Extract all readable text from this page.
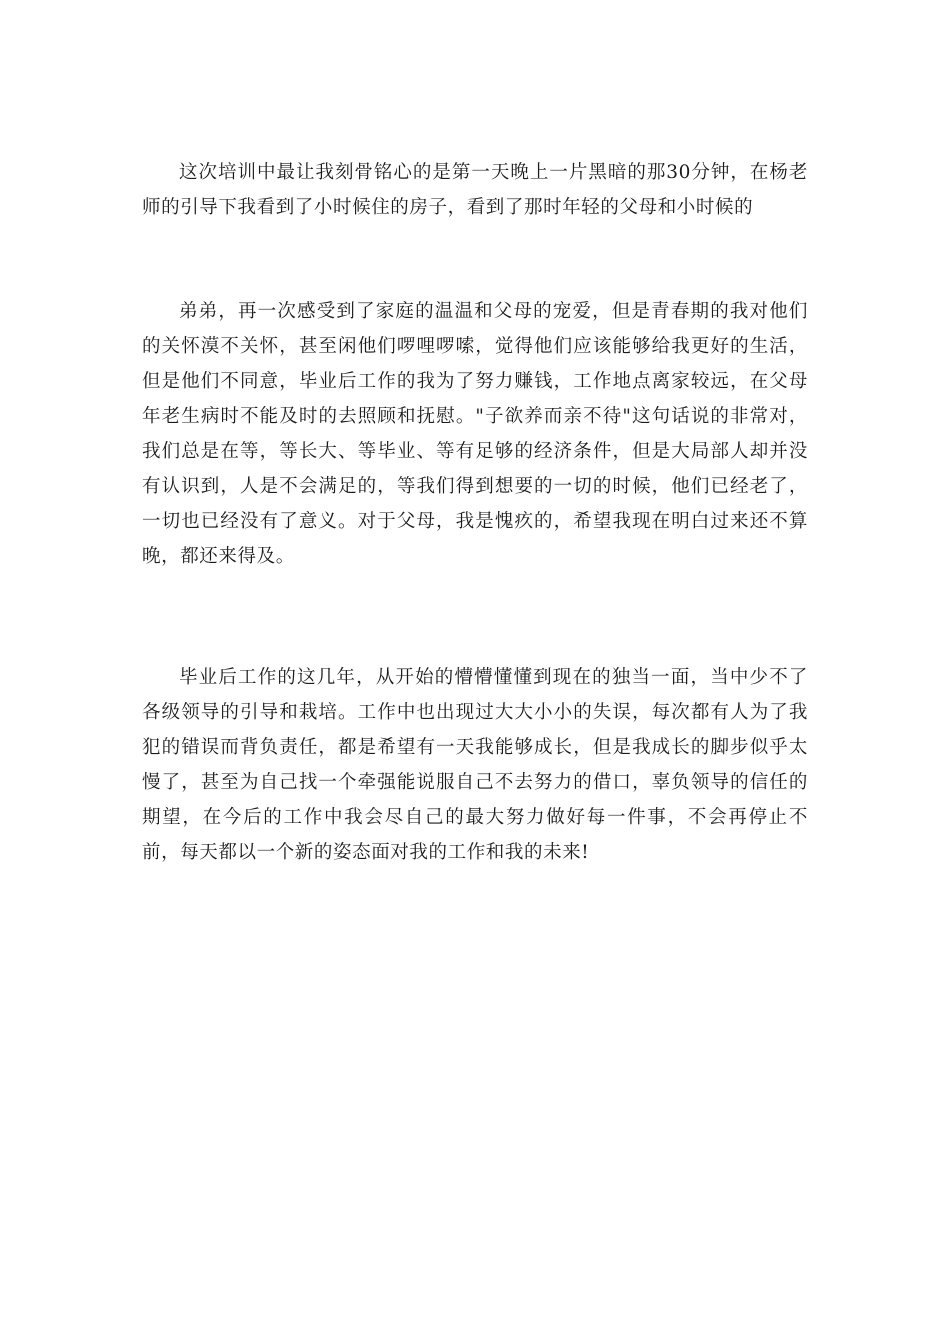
这次培训中最让我刻骨铭心的是第一天晚上一片黑暗的那30分钟，在杨老师的引导下我看到了小时候住的房子，看到了那时年轻的父母和小时候的

弟弟，再一次感受到了家庭的温温和父母的宠爱，但是青春期的我对他们的关怀漠不关怀，甚至闲他们啰哩啰嗦，觉得他们应该能够给我更好的生活，但是他们不同意，毕业后工作的我为了努力赚钱，工作地点离家较远，在父母年老生病时不能及时的去照顾和抚慰。"子欲养而亲不待"这句话说的非常对，我们总是在等，等长大、等毕业、等有足够的经济条件，但是大局部人却并没有认识到，人是不会满足的，等我们得到想要的一切的时候，他们已经老了，一切也已经没有了意义。对于父母，我是愧疚的，希望我现在明白过来还不算晚，都还来得及。

毕业后工作的这几年，从开始的懵懵懂懂到现在的独当一面，当中少不了各级领导的引导和栽培。工作中也出现过大大小小的失误，每次都有人为了我犯的错误而背负责任，都是希望有一天我能够成长，但是我成长的脚步似乎太慢了，甚至为自己找一个牵强能说服自己不去努力的借口，辜负领导的信任的期望，在今后的工作中我会尽自己的最大努力做好每一件事，不会再停止不前，每天都以一个新的姿态面对我的工作和我的未来!
